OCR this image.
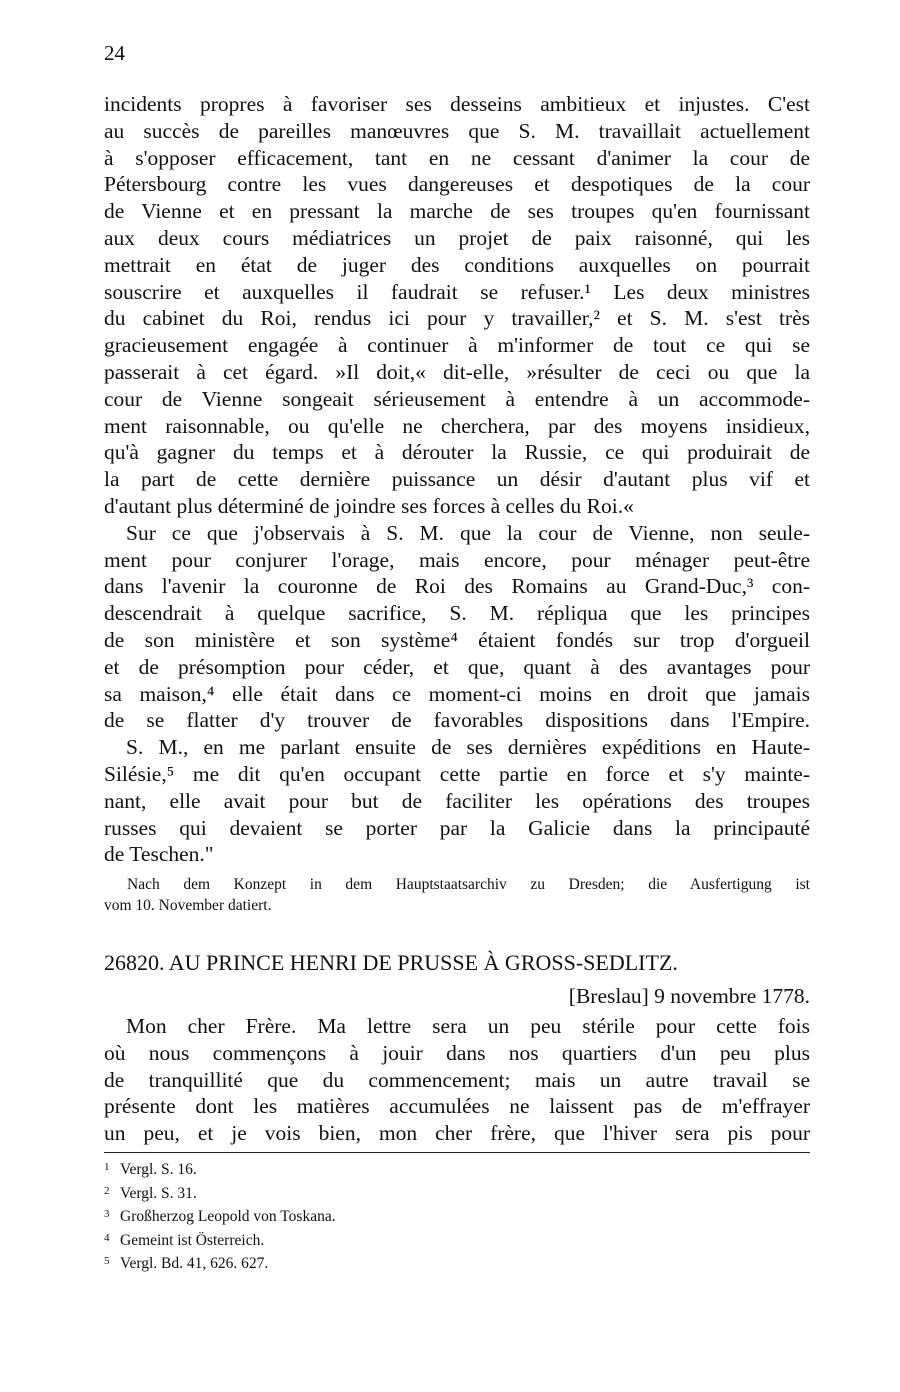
24
incidents propres à favoriser ses desseins ambitieux et injustes. C'est
au succès de pareilles manœuvres que S. M. travaillait actuellement
à s'opposer efficacement, tant en ne cessant d'animer la cour de
Pétersbourg contre les vues dangereuses et despotiques de la cour
de Vienne et en pressant la marche de ses troupes qu'en fournissant
aux deux cours médiatrices un projet de paix raisonné, qui les
mettrait en état de juger des conditions auxquelles on pourrait
souscrire et auxquelles il faudrait se refuser.¹ Les deux ministres
du cabinet du Roi, rendus ici pour y travailler,² et S. M. s'est très
gracieusement engagée à continuer à m'informer de tout ce qui se
passerait à cet égard. »Il doit,« dit-elle, »résulter de ceci ou que la
cour de Vienne songeait sérieusement à entendre à un accommode-
ment raisonnable, ou qu'elle ne cherchera, par des moyens insidieux,
qu'à gagner du temps et à dérouter la Russie, ce qui produirait de
la part de cette dernière puissance un désir d'autant plus vif et
d'autant plus déterminé de joindre ses forces à celles du Roi.«
Sur ce que j'observais à S. M. que la cour de Vienne, non seule-
ment pour conjurer l'orage, mais encore, pour ménager peut-être
dans l'avenir la couronne de Roi des Romains au Grand-Duc,³ con-
descendrait à quelque sacrifice, S. M. répliqua que les principes
de son ministère et son système⁴ étaient fondés sur trop d'orgueil
et de présomption pour céder, et que, quant à des avantages pour
sa maison,⁴ elle était dans ce moment-ci moins en droit que jamais
de se flatter d'y trouver de favorables dispositions dans l'Empire.
S. M., en me parlant ensuite de ses dernières expéditions en Haute-
Silésie,⁵ me dit qu'en occupant cette partie en force et s'y mainte-
nant, elle avait pour but de faciliter les opérations des troupes
russes qui devaient se porter par la Galicie dans la principauté
de Teschen."
Nach dem Konzept in dem Hauptstaatsarchiv zu Dresden; die Ausfertigung ist
vom 10. November datiert.
26820. AU PRINCE HENRI DE PRUSSE À GROSS-SEDLITZ.
[Breslau] 9 novembre 1778.
Mon cher Frère. Ma lettre sera un peu stérile pour cette fois
où nous commençons à jouir dans nos quartiers d'un peu plus
de tranquillité que du commencement; mais un autre travail se
présente dont les matières accumulées ne laissent pas de m'effrayer
un peu, et je vois bien, mon cher frère, que l'hiver sera pis pour
1 Vergl. S. 16.
2 Vergl. S. 31.
3 Großherzog Leopold von Toskana.
4 Gemeint ist Österreich.
5 Vergl. Bd. 41, 626. 627.
